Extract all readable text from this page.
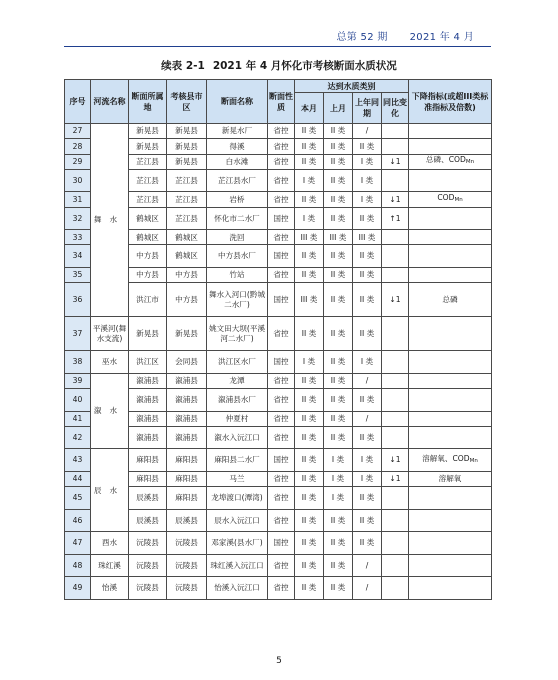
总第 52 期 2021 年 4 月
续表 2-1 2021 年 4 月怀化市考核断面水质状况
序号	河流名称	断面所属地	考核县市区	断面名称	断面性质	达到水质类别				下降指标(或超III类标准指标及倍数)
						本月	上月	上年同期	同比变化	
27	舞水	新晃县	新晃县	新晃水厂	省控	II 类	II 类	/		
28		新晃县	新晃县	得溪	省控	II 类	II 类	II 类		
29		芷江县	新晃县	白水滩	省控	II 类	II 类	I 类	↓1	总磷、$COD_{Mn}$
30		芷江县	芷江县	芷江县水厂	省控	I 类	II 类	I 类		
31		芷江县	芷江县	岩桥	省控	II 类	II 类	I 类	↓1	$COD_{Mn}$
32		鹤城区	芷江县	怀化市二水厂	国控	I 类	II 类	II 类	↑1	
33		鹤城区	鹤城区	洗回	省控	III 类	III 类	III 类		
34		中方县	鹤城区	中方县水厂	国控	II 类	II 类	II 类		
35		中方县	中方县	竹站	省控	II 类	II 类	II 类		
36		洪江市	中方县	舞水入河口(黔城二水厂)	国控	III 类	II 类	II 类	↓1	总磷
37	平溪河(舞水支流)	新晃县	新晃县	姚文田大坝(平溪河二水厂)	省控	II 类	II 类	II 类		
38	巫水	洪江区	会同县	洪江区水厂	国控	I 类	II 类	I 类		
39	溆水	溆浦县	溆浦县	龙潭	省控	II 类	II 类	/		
40		溆浦县	溆浦县	溆浦县水厂	省控	II 类	II 类	II 类		
41		溆浦县	溆浦县	仲夏村	省控	II 类	II 类	/		
42		溆浦县	溆浦县	溆水入沅江口	省控	II 类	II 类	II 类		
43	辰水	麻阳县	麻阳县	麻阳县二水厂	国控	II 类	I 类	I 类	↓1	溶解氧、$COD_{Mn}$
44		麻阳县	麻阳县	马兰	省控	II 类	I 类	I 类	↓1	溶解氧
45		辰溪县	麻阳县	龙埠渡口(潭湾)	省控	II 类	I 类	II 类		
46		辰溪县	辰溪县	辰水入沅江口	省控	II 类	II 类	II 类		
47	酉水	沅陵县	沅陵县	邓家溪(县水厂)	国控	II 类	II 类	II 类		
48	珠红溪	沅陵县	沅陵县	珠红溪入沅江口	省控	II 类	II 类	/		
49	怡溪	沅陵县	沅陵县	怡溪入沅江口	省控	II 类	II 类	/		
5
